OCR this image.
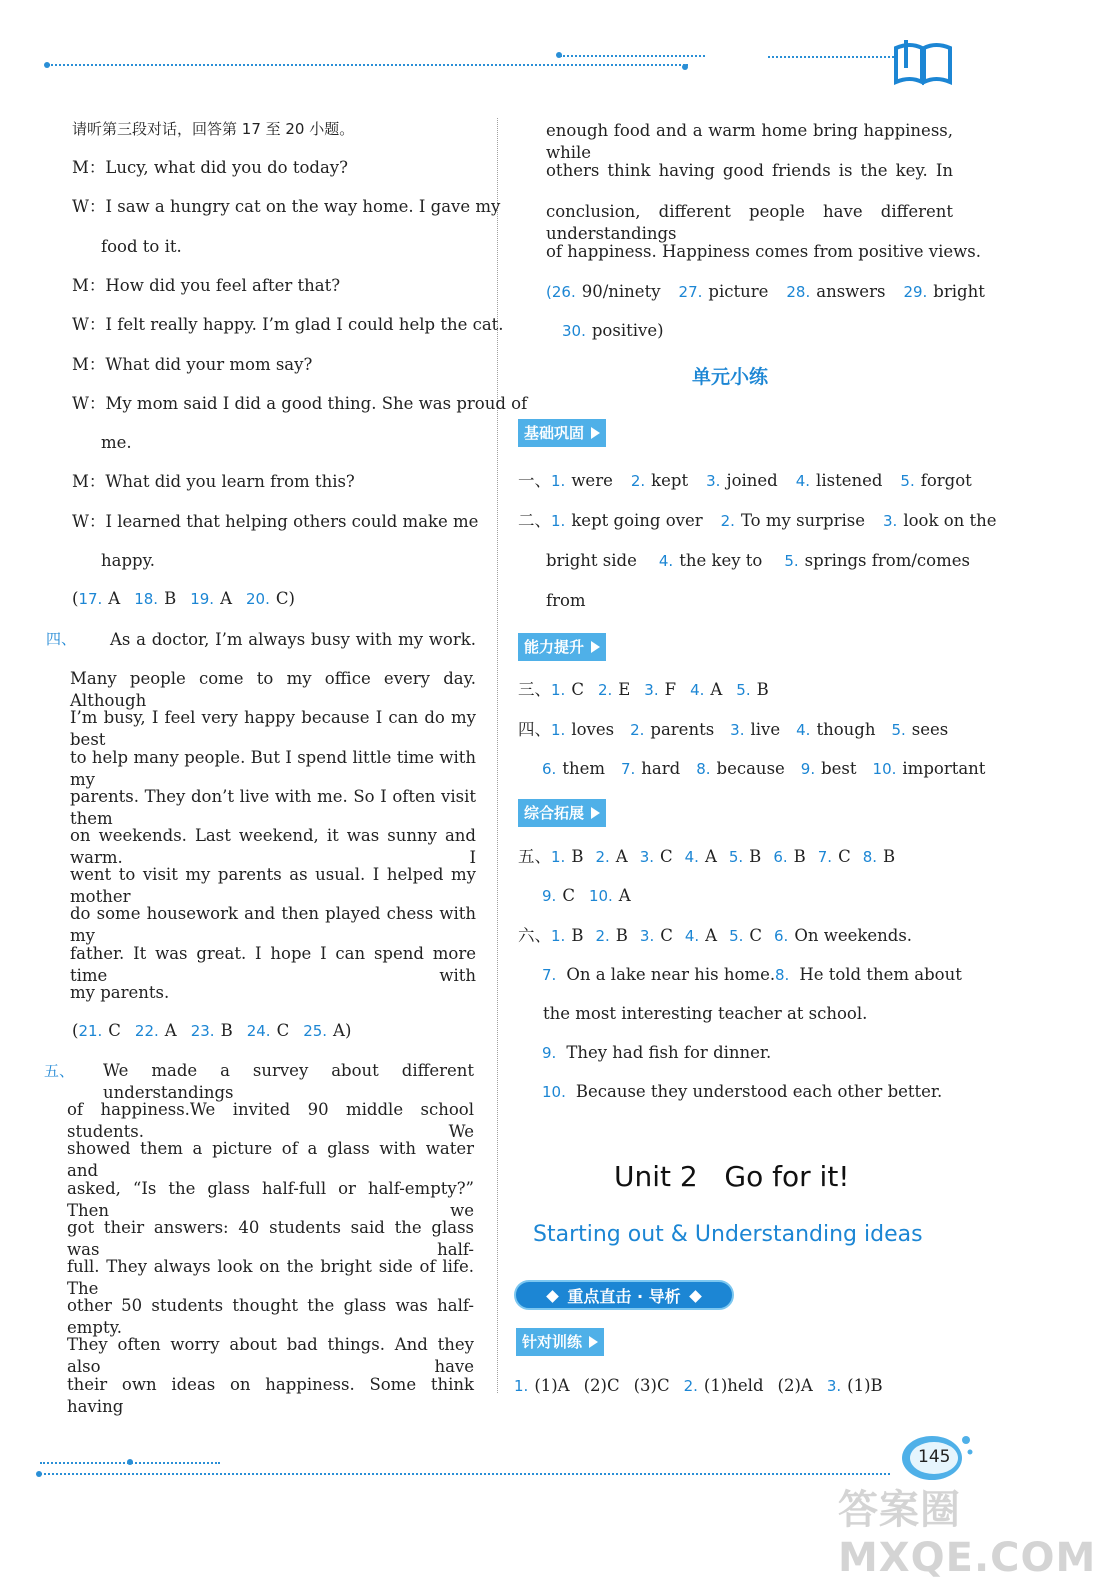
请听第三段对话，回答第 17 至 20 小题。
M：Lucy, what did you do today?
W：I saw a hungry cat on the way home. I gave my
food to it.
M：How did you feel after that?
W：I felt really happy. I’m glad I could help the cat.
M：What did your mom say?
W：My mom said I did a good thing. She was proud of
me.
M：What did you learn from this?
W：I learned that helping others could make me
happy.
(17. A 18. B 19. A 20. C)
四、 As a doctor, I’m always busy with my work.
Many people come to my office every day. Although
I’m busy, I feel very happy because I can do my best
to help many people. But I spend little time with my
parents. They don’t live with me. So I often visit them
on weekends. Last weekend, it was sunny and warm. I
went to visit my parents as usual. I helped my mother
do some housework and then played chess with my
father. It was great. I hope I can spend more time with
my parents.
(21. C 22. A 23. B 24. C 25. A)
五、 We made a survey about different understandings
of happiness.We invited 90 middle school students. We
showed them a picture of a glass with water and
asked, “Is the glass half-full or half-empty?” Then we
got their answers: 40 students said the glass was half-
full. They always look on the bright side of life. The
other 50 students thought the glass was half-empty.
They often worry about bad things. And they also have
their own ideas on happiness. Some think having
enough food and a warm home bring happiness, while
others think having good friends is the key. In
conclusion, different people have different understandings
of happiness. Happiness comes from positive views.
(26. 90/ninety 27. picture 28. answers 29. bright
30. positive)
单元小练
基础巩固
一、1. were 2. kept 3. joined 4. listened 5. forgot
二、1. kept going over 2. To my surprise 3. look on the
bright side 4. the key to 5. springs from/comes
from
能力提升
三、1. C 2. E 3. F 4. A 5. B
四、1. loves 2. parents 3. live 4. though 5. sees
6. them 7. hard 8. because 9. best 10. important
综合拓展
五、1. B 2. A 3. C 4. A 5. B 6. B 7. C 8. B
9. C 10. A
六、1. B 2. B 3. C 4. A 5. C 6. On weekends.
7. On a lake near his home. 8. He told them about
the most interesting teacher at school.
9. They had fish for dinner.
10. Because they understood each other better.
Unit 2   Go for it!
Starting out & Understanding ideas
重点直击 · 导析
针对训练
1. (1)A (2)C (3)C 2. (1)held (2)A 3. (1)B
145
答案圈 MXQE.COM
